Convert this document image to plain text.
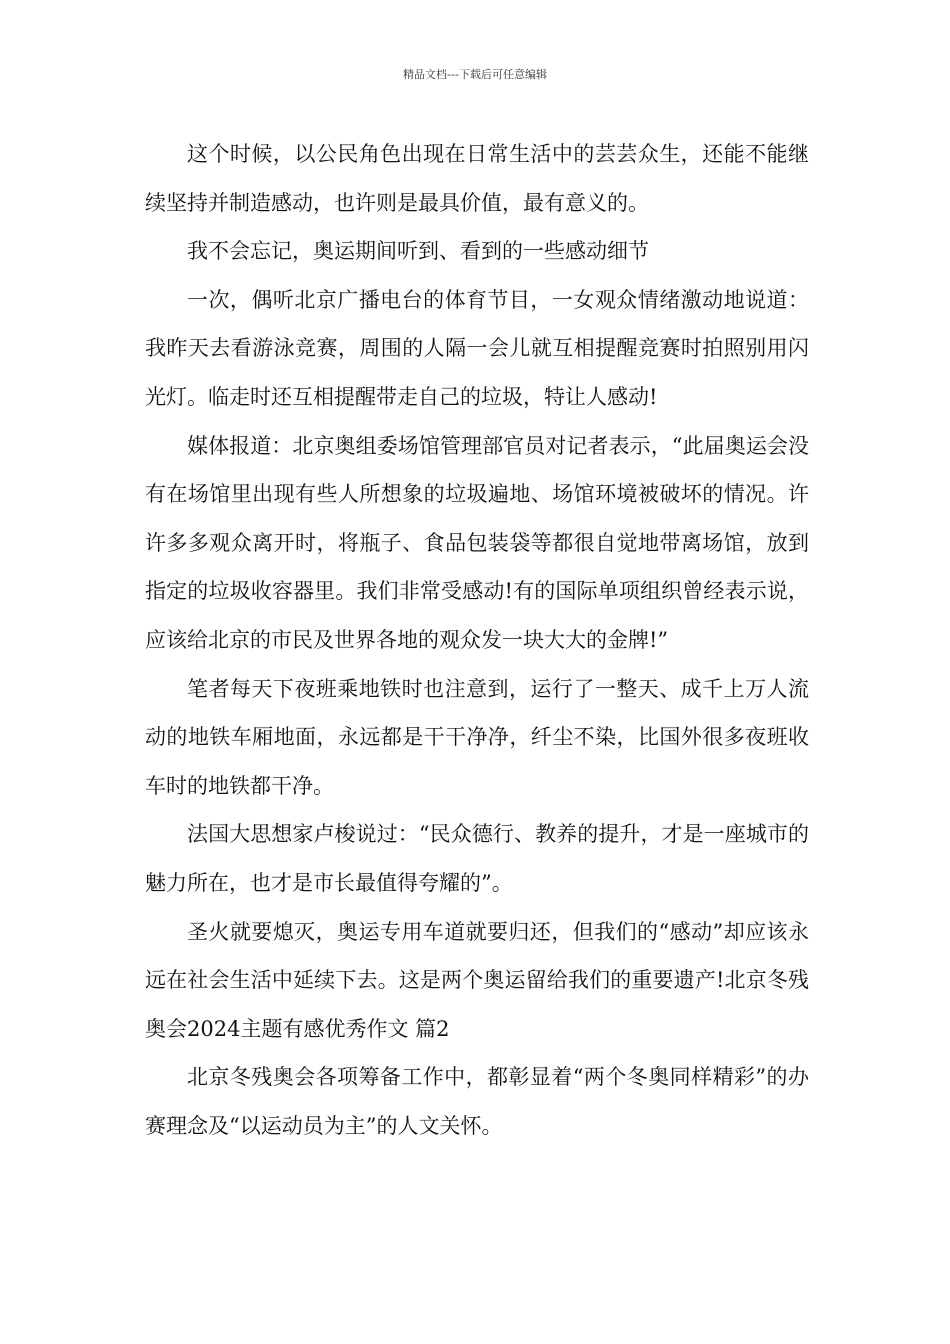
精品文档---下载后可任意编辑

这个时候，以公民角色出现在日常生活中的芸芸众生，还能不能继续坚持并制造感动，也许则是最具价值，最有意义的。

我不会忘记，奥运期间听到、看到的一些感动细节

一次，偶听北京广播电台的体育节目，一女观众情绪激动地说道：我昨天去看游泳竞赛，周围的人隔一会儿就互相提醒竞赛时拍照别用闪光灯。临走时还互相提醒带走自己的垃圾，特让人感动!

媒体报道：北京奥组委场馆管理部官员对记者表示，“此届奥运会没有在场馆里出现有些人所想象的垃圾遍地、场馆环境被破坏的情况。许许多多观众离开时，将瓶子、食品包装袋等都很自觉地带离场馆，放到指定的垃圾收容器里。我们非常受感动!有的国际单项组织曾经表示说，应该给北京的市民及世界各地的观众发一块大大的金牌!”

笔者每天下夜班乘地铁时也注意到，运行了一整天、成千上万人流动的地铁车厢地面，永远都是干干净净，纤尘不染，比国外很多夜班收车时的地铁都干净。

法国大思想家卢梭说过：“民众德行、教养的提升，才是一座城市的魅力所在，也才是市长最值得夸耀的”。

圣火就要熄灭，奥运专用车道就要归还，但我们的“感动”却应该永远在社会生活中延续下去。这是两个奥运留给我们的重要遗产!北京冬残奥会2024主题有感优秀作文 篇2

北京冬残奥会各项筹备工作中，都彰显着“两个冬奥同样精彩”的办赛理念及“以运动员为主”的人文关怀。
